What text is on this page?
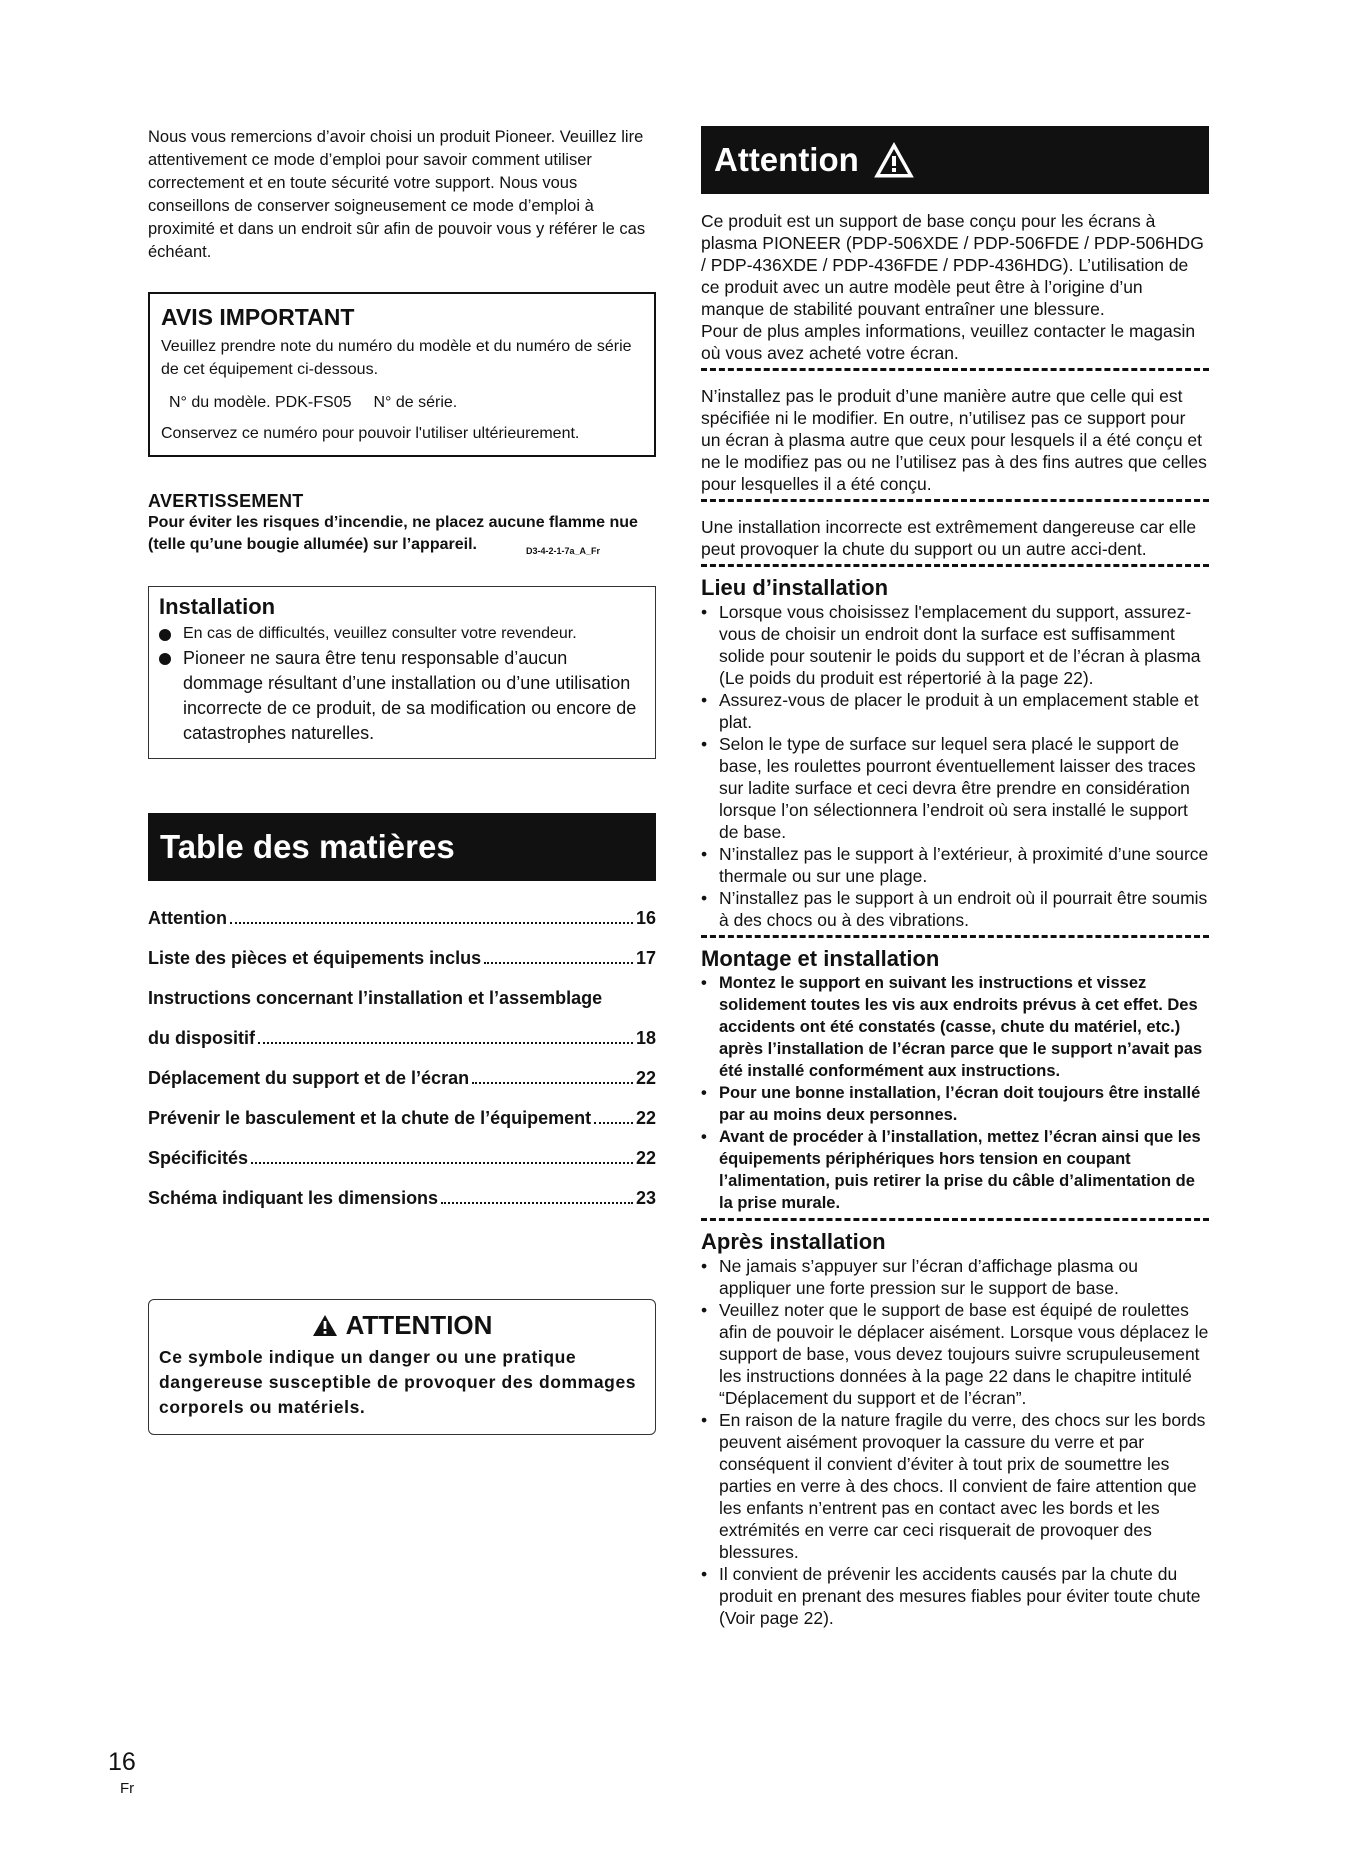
Nous vous remercions d’avoir choisi un produit Pioneer. Veuillez lire attentivement ce mode d’emploi pour savoir comment utiliser correctement et en toute sécurité votre support. Nous vous conseillons de conserver soigneusement ce mode d’emploi à proximité et dans un endroit sûr afin de pouvoir vous y référer le cas échéant.

AVIS IMPORTANT

Veuillez prendre note du numéro du modèle et du numéro de série de cet équipement ci-dessous.

N° du modèle. PDK-FS05 N° de série.

Conservez ce numéro pour pouvoir l'utiliser ultérieurement.

AVERTISSEMENT

Pour éviter les risques d’incendie, ne placez aucune flamme nue (telle qu’une bougie allumée) sur l’appareil.	D3-4-2-1-7a_A_Fr

Installation
En cas de difficultés, veuillez consulter votre revendeur.
Pioneer ne saura être tenu responsable d’aucun dommage résultant d’une installation ou d’une utilisation incorrecte de ce produit, de sa modification ou encore de catastrophes naturelles.
Table des matières
Attention	16
Liste des pièces et équipements inclus	17
Instructions concernant l’installation et l’assemblage
du dispositif	18
Déplacement du support et de l’écran	22
Prévenir le basculement et la chute de l’équipement 22
Spécificités	22
Schéma indiquant les dimensions	23
ATTENTION

Ce symbole indique un danger ou une pratique dangereuse susceptible de provoquer des dommages corporels ou matériels.

Attention

Ce produit est un support de base conçu pour les écrans à plasma PIONEER (PDP-506XDE / PDP-506FDE / PDP-506HDG / PDP-436XDE / PDP-436FDE / PDP-436HDG). L’utilisation de ce produit avec un autre modèle peut être à l’origine d’un manque de stabilité pouvant entraîner une blessure.

Pour de plus amples informations, veuillez contacter le magasin où vous avez acheté votre écran.

N’installez pas le produit d’une manière autre que celle qui est spécifiée ni le modifier. En outre, n’utilisez pas ce support pour un écran à plasma autre que ceux pour lesquels il a été conçu et ne le modifiez pas ou ne l’utilisez pas à des fins autres que celles pour lesquelles il a été conçu.

Une installation incorrecte est extrêmement dangereuse car elle peut provoquer la chute du support ou un autre acci-dent.

Lieu d’installation
• Lorsque vous choisissez l'emplacement du support, assurez-vous de choisir un endroit dont la surface est suffisamment solide pour soutenir le poids du support et de l’écran à plasma (Le poids du produit est répertorié à la page 22).
• Assurez-vous de placer le produit à un emplacement stable et plat.
• Selon le type de surface sur lequel sera placé le support de base, les roulettes pourront éventuellement laisser des traces sur ladite surface et ceci devra être prendre en considération lorsque l’on sélectionnera l’endroit où sera installé le support de base.
• N’installez pas le support à l’extérieur, à proximité d’une source thermale ou sur une plage.
• N’installez pas le support à un endroit où il pourrait être soumis à des chocs ou à des vibrations.
Montage et installation
• Montez le support en suivant les instructions et vissez solidement toutes les vis aux endroits prévus à cet effet. Des accidents ont été constatés (casse, chute du matériel, etc.) après l’installation de l’écran parce que le support n’avait pas été installé conformément aux instructions.
• Pour une bonne installation, l’écran doit toujours être installé par au moins deux personnes.
• Avant de procéder à l’installation, mettez l’écran ainsi que les équipements périphériques hors tension en coupant l’alimentation, puis retirer la prise du câble d’alimentation de la prise murale.
Après installation
• Ne jamais s’appuyer sur l’écran d’affichage plasma ou appliquer une forte pression sur le support de base.
• Veuillez noter que le support de base est équipé de roulettes afin de pouvoir le déplacer aisément. Lorsque vous déplacez le support de base, vous devez toujours suivre scrupuleusement les instructions données à la page 22 dans le chapitre intitulé “Déplacement du support et de l’écran”.
• En raison de la nature fragile du verre, des chocs sur les bords peuvent aisément provoquer la cassure du verre et par conséquent il convient d’éviter à tout prix de soumettre les parties en verre à des chocs. Il convient de faire attention que les enfants n’entrent pas en contact avec les bords et les extrémités en verre car ceci risquerait de provoquer des blessures.
• Il convient de prévenir les accidents causés par la chute du produit en prenant des mesures fiables pour éviter toute chute (Voir page 22).
16
Fr
